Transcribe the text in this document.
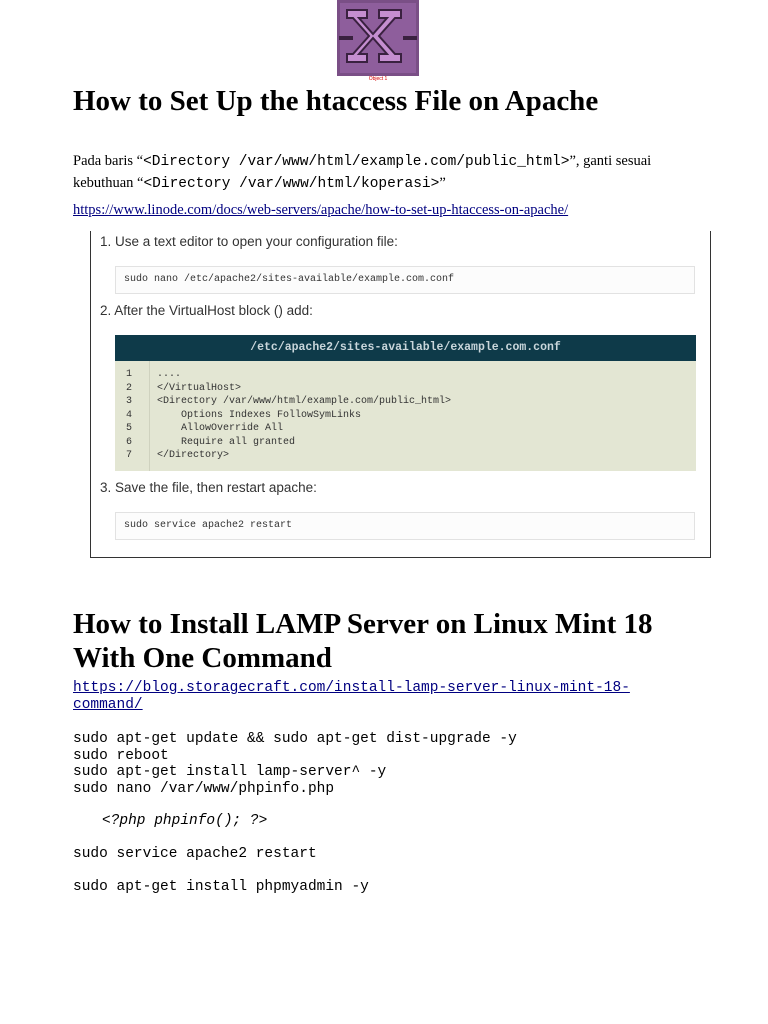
Object 1
How to Set Up the htaccess File on Apache
Pada baris “<Directory /var/www/html/example.com/public_html>”, ganti sesuai kebuthuan “<Directory /var/www/html/koperasi>”
https://www.linode.com/docs/web-servers/apache/how-to-set-up-htaccess-on-apache/
1. Use a text editor to open your configuration file:
sudo nano /etc/apache2/sites-available/example.com.conf
2. After the VirtualHost block () add:
/etc/apache2/sites-available/example.com.conf
1
2
3
4
5
6
7
....
</VirtualHost>
<Directory /var/www/html/example.com/public_html>
Options Indexes FollowSymLinks
AllowOverride All
Require all granted
</Directory>
3. Save the file, then restart apache:
sudo service apache2 restart
How to Install LAMP Server on Linux Mint 18
With One Command
https://blog.storagecraft.com/install-lamp-server-linux-mint-18-
command/
sudo apt-get update && sudo apt-get dist-upgrade -y
sudo reboot
sudo apt-get install lamp-server^ -y
sudo nano /var/www/phpinfo.php
<?php phpinfo(); ?>
sudo service apache2 restart
sudo apt-get install phpmyadmin -y
